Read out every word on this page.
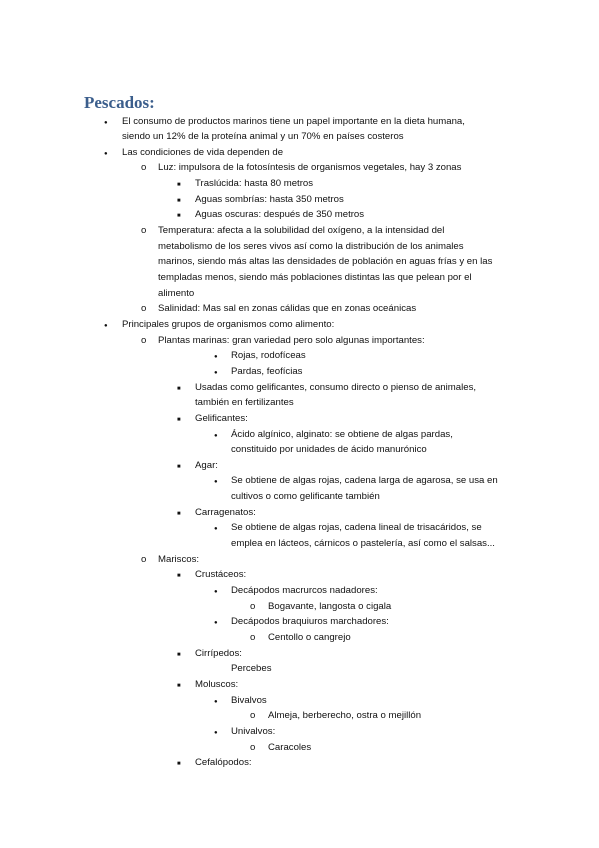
Pescados:
●
El consumo de productos marinos tiene un papel importante en la dieta humana,
siendo un 12% de la proteína animal y un 70% en países costeros
●
Las condiciones de vida dependen de
o
Luz: impulsora de la fotosíntesis de organismos vegetales, hay 3 zonas
■
Traslúcida: hasta 80 metros
■
Aguas sombrías: hasta 350 metros
■
Aguas oscuras: después de 350 metros
o
Temperatura: afecta a la solubilidad del oxígeno, a la intensidad del
metabolismo de los seres vivos así como la distribución de los animales
marinos, siendo más altas las densidades de población en aguas frías y en las
templadas menos, siendo más poblaciones distintas las que pelean por el
alimento
o
Salinidad: Mas sal en zonas cálidas que en zonas oceánicas
●
Principales grupos de organismos como alimento:
o
Plantas marinas: gran variedad pero solo algunas importantes:
●
Rojas, rodofíceas
●
Pardas, feofícias
■
Usadas como gelificantes, consumo directo o pienso de animales,
también en fertilizantes
■
Gelificantes:
●
Ácido algínico, alginato: se obtiene de algas pardas,
constituido por unidades de ácido manurónico
■
Agar:
●
Se obtiene de algas rojas, cadena larga de agarosa, se usa en
cultivos o como gelificante también
■
Carragenatos:
●
Se obtiene de algas rojas, cadena lineal de trisacáridos, se
emplea en lácteos, cárnicos o pastelería, así como el salsas...
o
Mariscos:
■
Crustáceos:
●
Decápodos macrurcos nadadores:
o
Bogavante, langosta o cigala
●
Decápodos braquiuros marchadores:
o
Centollo o cangrejo
■
Cirrípedos:
Percebes
■
Moluscos:
●
Bivalvos
o
Almeja, berberecho, ostra o mejillón
●
Univalvos:
o
Caracoles
■
Cefalópodos:
